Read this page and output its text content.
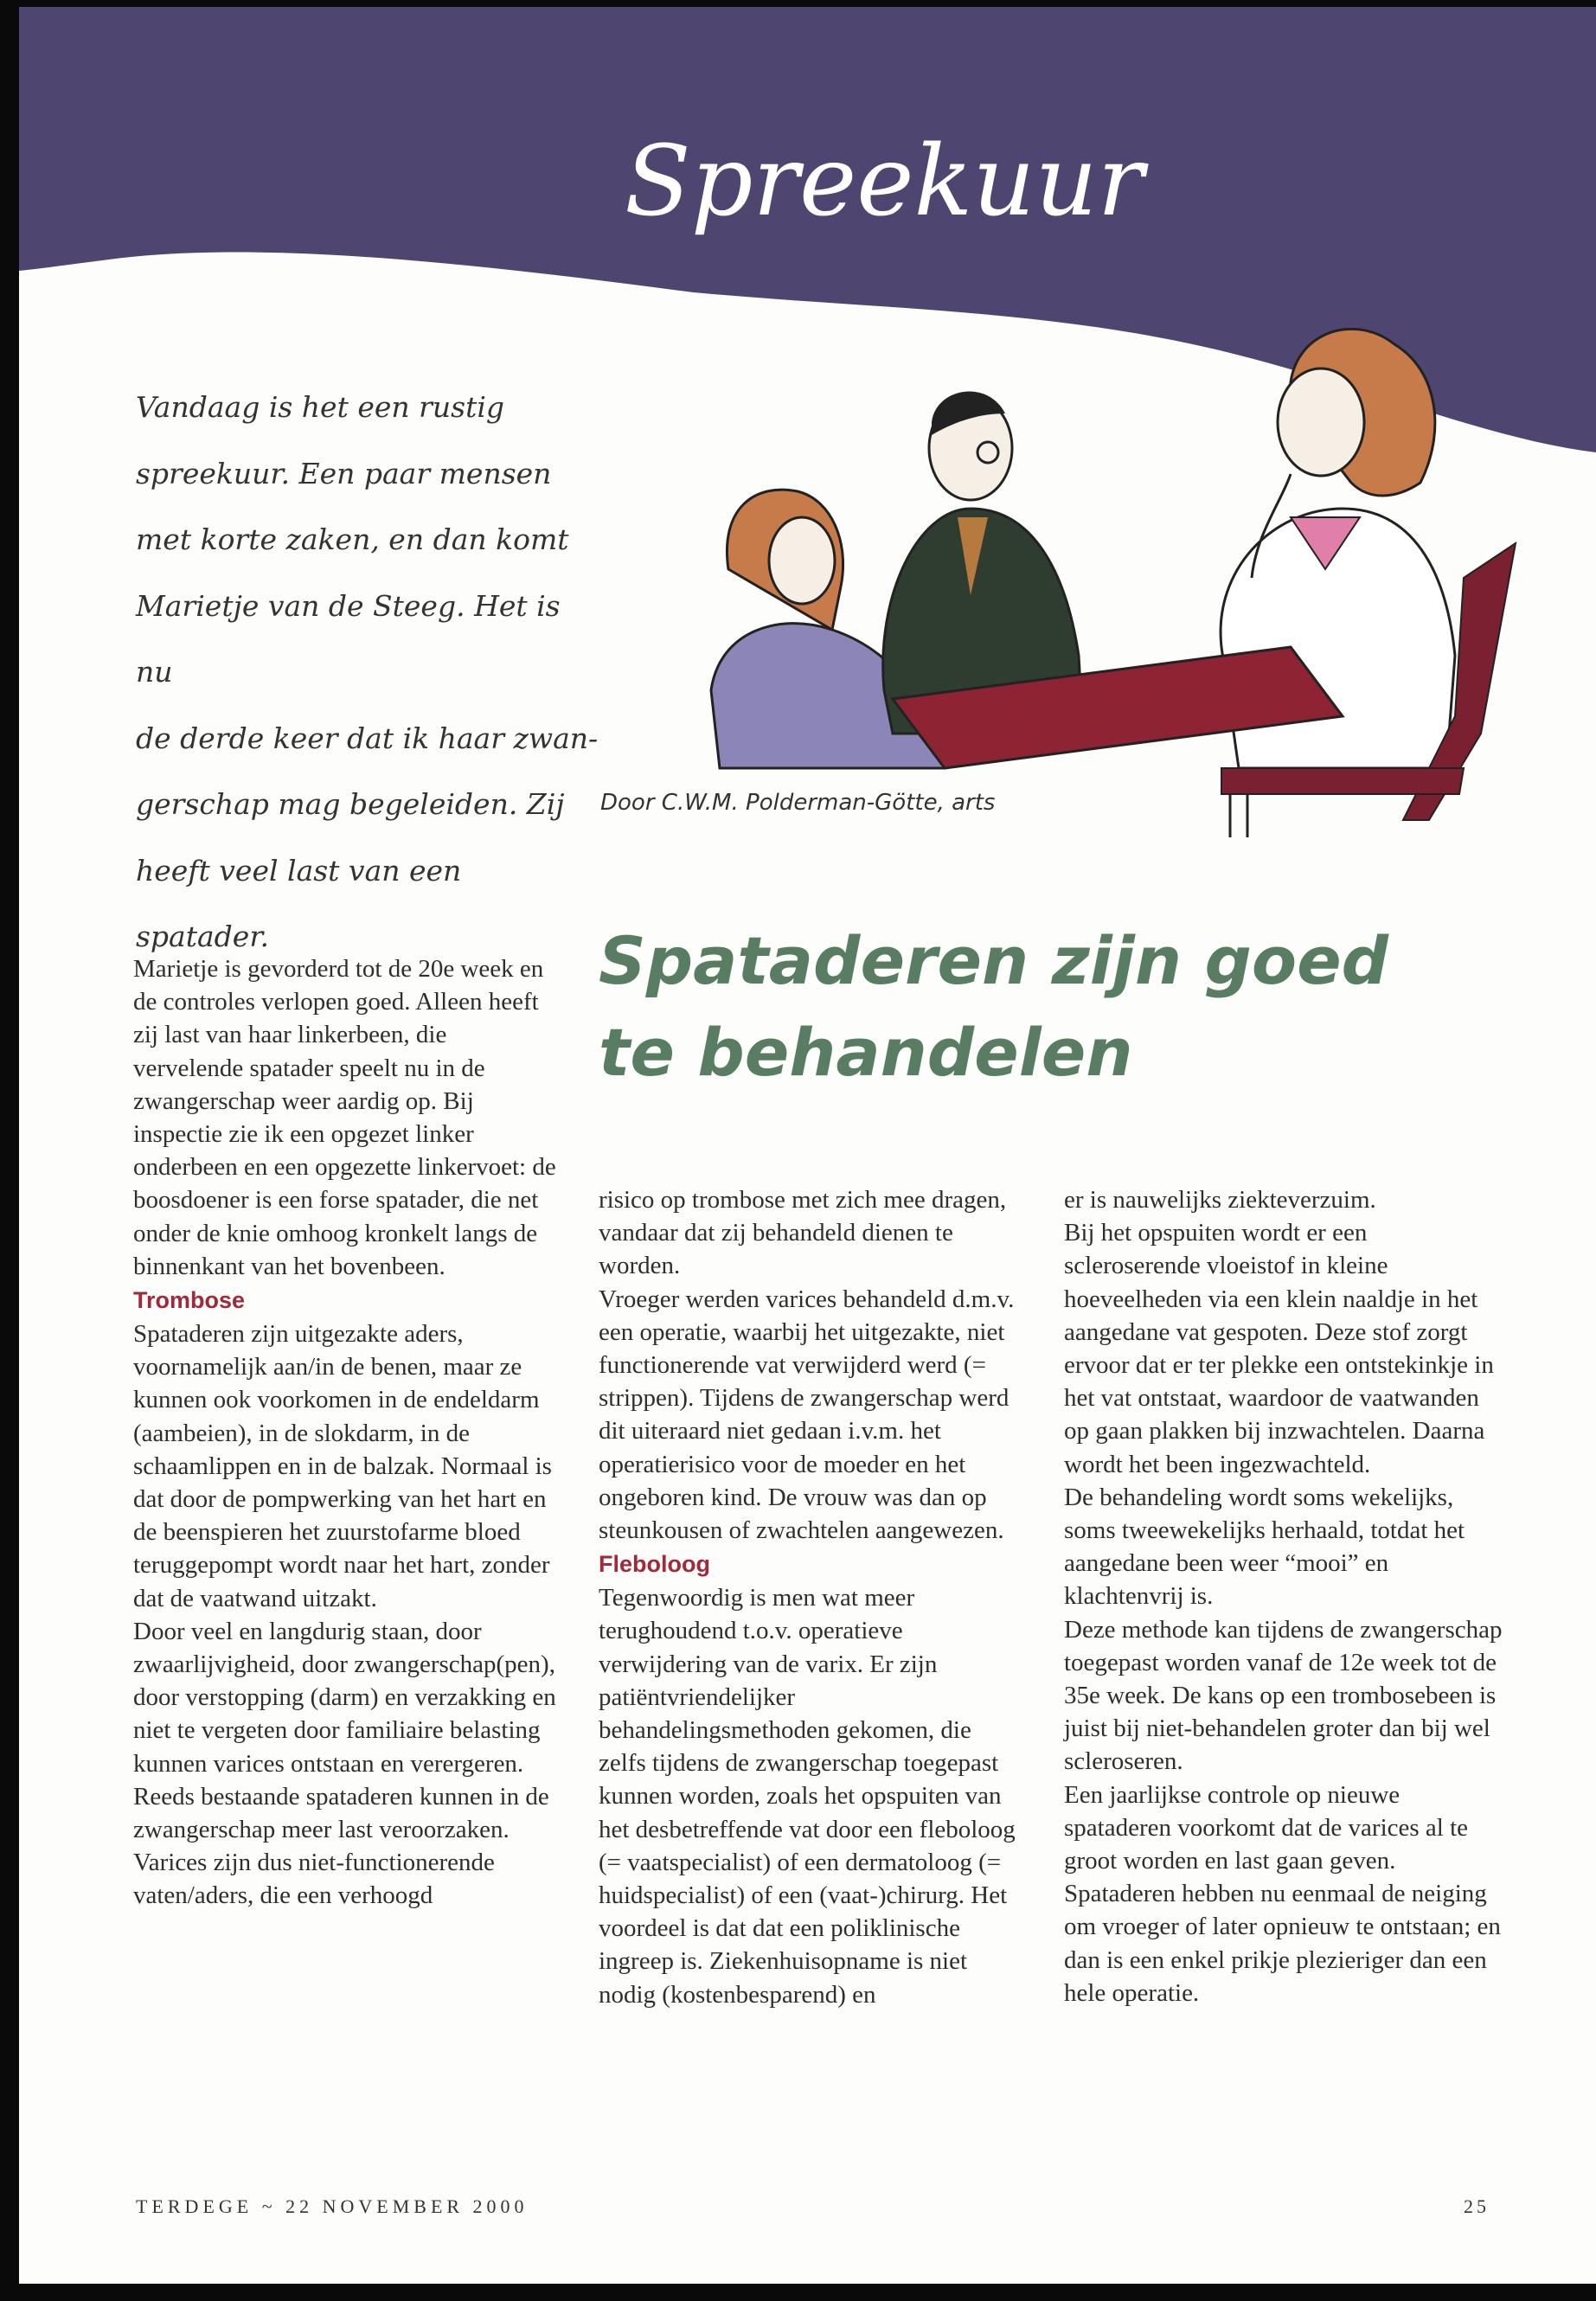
Spreekuur
Vandaag is het een rustig
spreekuur. Een paar mensen
met korte zaken, en dan komt
Marietje van de Steeg. Het is nu
de derde keer dat ik haar zwan-
gerschap mag begeleiden. Zij
heeft veel last van een spatader.
Door C.W.M. Polderman-Götte, arts
Spataderen zijn goed
te behandelen

Marietje is gevorderd tot de 20e week en de controles verlopen goed. Alleen heeft zij last van haar linkerbeen, die vervelende spatader speelt nu in de zwangerschap weer aardig op. Bij inspectie zie ik een opgezet linker onderbeen en een opgezette linkervoet: de boosdoener is een forse spatader, die net onder de knie omhoog kronkelt langs de binnenkant van het bovenbeen.

Trombose

Spataderen zijn uitgezakte aders, voornamelijk aan/in de benen, maar ze kunnen ook voorkomen in de endeldarm (aambeien), in de slokdarm, in de schaamlippen en in de balzak. Normaal is dat door de pompwerking van het hart en de beenspieren het zuurstofarme bloed teruggepompt wordt naar het hart, zonder dat de vaatwand uitzakt.

Door veel en langdurig staan, door zwaarlijvigheid, door zwangerschap(pen), door verstopping (darm) en verzakking en niet te vergeten door familiaire belasting kunnen varices ontstaan en verergeren. Reeds bestaande spataderen kunnen in de zwangerschap meer last veroorzaken.

Varices zijn dus niet-functionerende vaten/aders, die een verhoogd

risico op trombose met zich mee dragen, vandaar dat zij behandeld dienen te worden.

Vroeger werden varices behandeld d.m.v. een operatie, waarbij het uitgezakte, niet functionerende vat verwijderd werd (= strippen). Tijdens de zwangerschap werd dit uiteraard niet gedaan i.v.m. het operatierisico voor de moeder en het ongeboren kind. De vrouw was dan op steunkousen of zwachtelen aangewezen.

Fleboloog

Tegenwoordig is men wat meer terughoudend t.o.v. operatieve verwijdering van de varix. Er zijn patiëntvriendelijker behandelingsmethoden gekomen, die zelfs tijdens de zwangerschap toegepast kunnen worden, zoals het opspuiten van het desbetreffende vat door een fleboloog (= vaatspecialist) of een dermatoloog (= huidspecialist) of een (vaat-)chirurg. Het voordeel is dat dat een poliklinische ingreep is. Ziekenhuisopname is niet nodig (kostenbesparend) en

er is nauwelijks ziekteverzuim.

Bij het opspuiten wordt er een scleroserende vloeistof in kleine hoeveelheden via een klein naaldje in het aangedane vat gespoten. Deze stof zorgt ervoor dat er ter plekke een ontstekinkje in het vat ontstaat, waardoor de vaatwanden op gaan plakken bij inzwachtelen. Daarna wordt het been ingezwachteld.

De behandeling wordt soms wekelijks, soms tweewekelijks herhaald, totdat het aangedane been weer “mooi” en klachtenvrij is.

Deze methode kan tijdens de zwangerschap toegepast worden vanaf de 12e week tot de 35e week. De kans op een trombosebeen is juist bij niet-behandelen groter dan bij wel scleroseren.

Een jaarlijkse controle op nieuwe spataderen voorkomt dat de varices al te groot worden en last gaan geven. Spataderen hebben nu eenmaal de neiging om vroeger of later opnieuw te ontstaan; en dan is een enkel prikje plezieriger dan een hele operatie.

TERDEGE ~ 22 NOVEMBER 2000	25
